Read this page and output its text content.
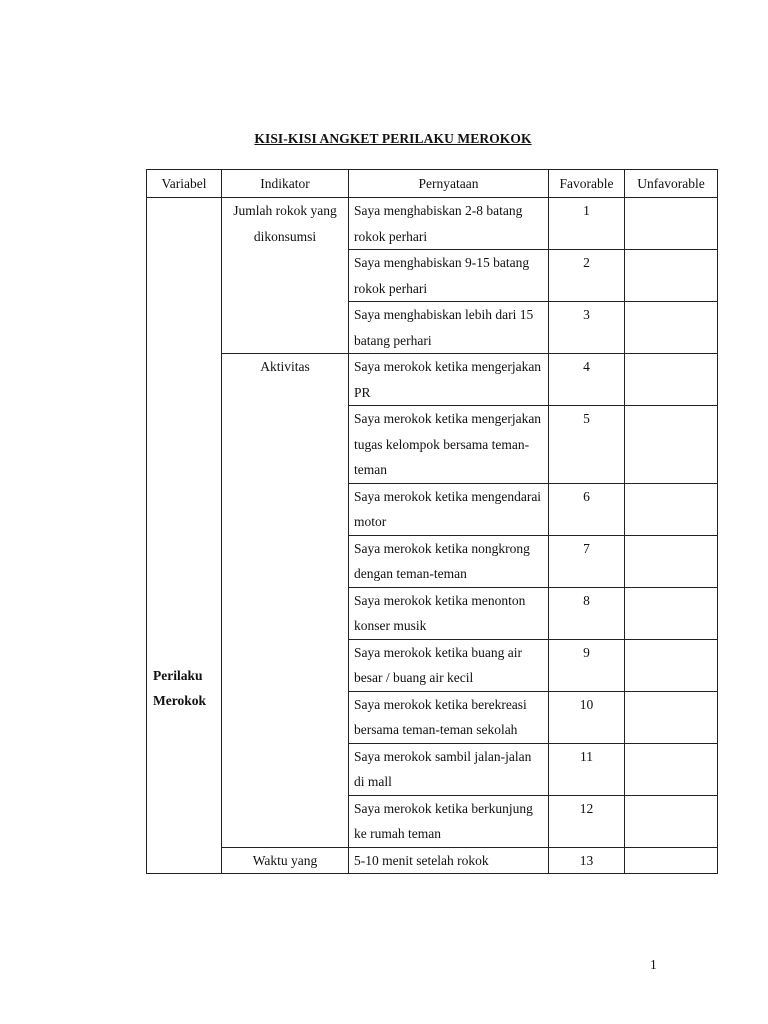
KISI-KISI ANGKET PERILAKU MEROKOK
Variabel	Indikator	Pernyataan	Favorable	Unfavorable

Perilaku
Merokok	Jumlah rokok yang dikonsumsi	Saya menghabiskan 2-8 batang rokok perhari	1	
		Saya menghabiskan 9-15 batang rokok perhari	2	
		Saya menghabiskan lebih dari 15 batang perhari	3	
	Aktivitas	Saya merokok ketika mengerjakan PR	4	
		Saya merokok ketika mengerjakan tugas kelompok bersama teman-teman	5	
		Saya merokok ketika mengendarai motor	6	
		Saya merokok ketika nongkrong dengan teman-teman	7	
		Saya merokok ketika menonton konser musik	8	
		Saya merokok ketika buang air besar / buang air kecil	9	
		Saya merokok ketika berekreasi bersama teman-teman sekolah	10	
		Saya merokok sambil jalan-jalan di mall	11	
		Saya merokok ketika berkunjung ke rumah teman	12	
	Waktu yang	5-10 menit setelah rokok	13	
1
